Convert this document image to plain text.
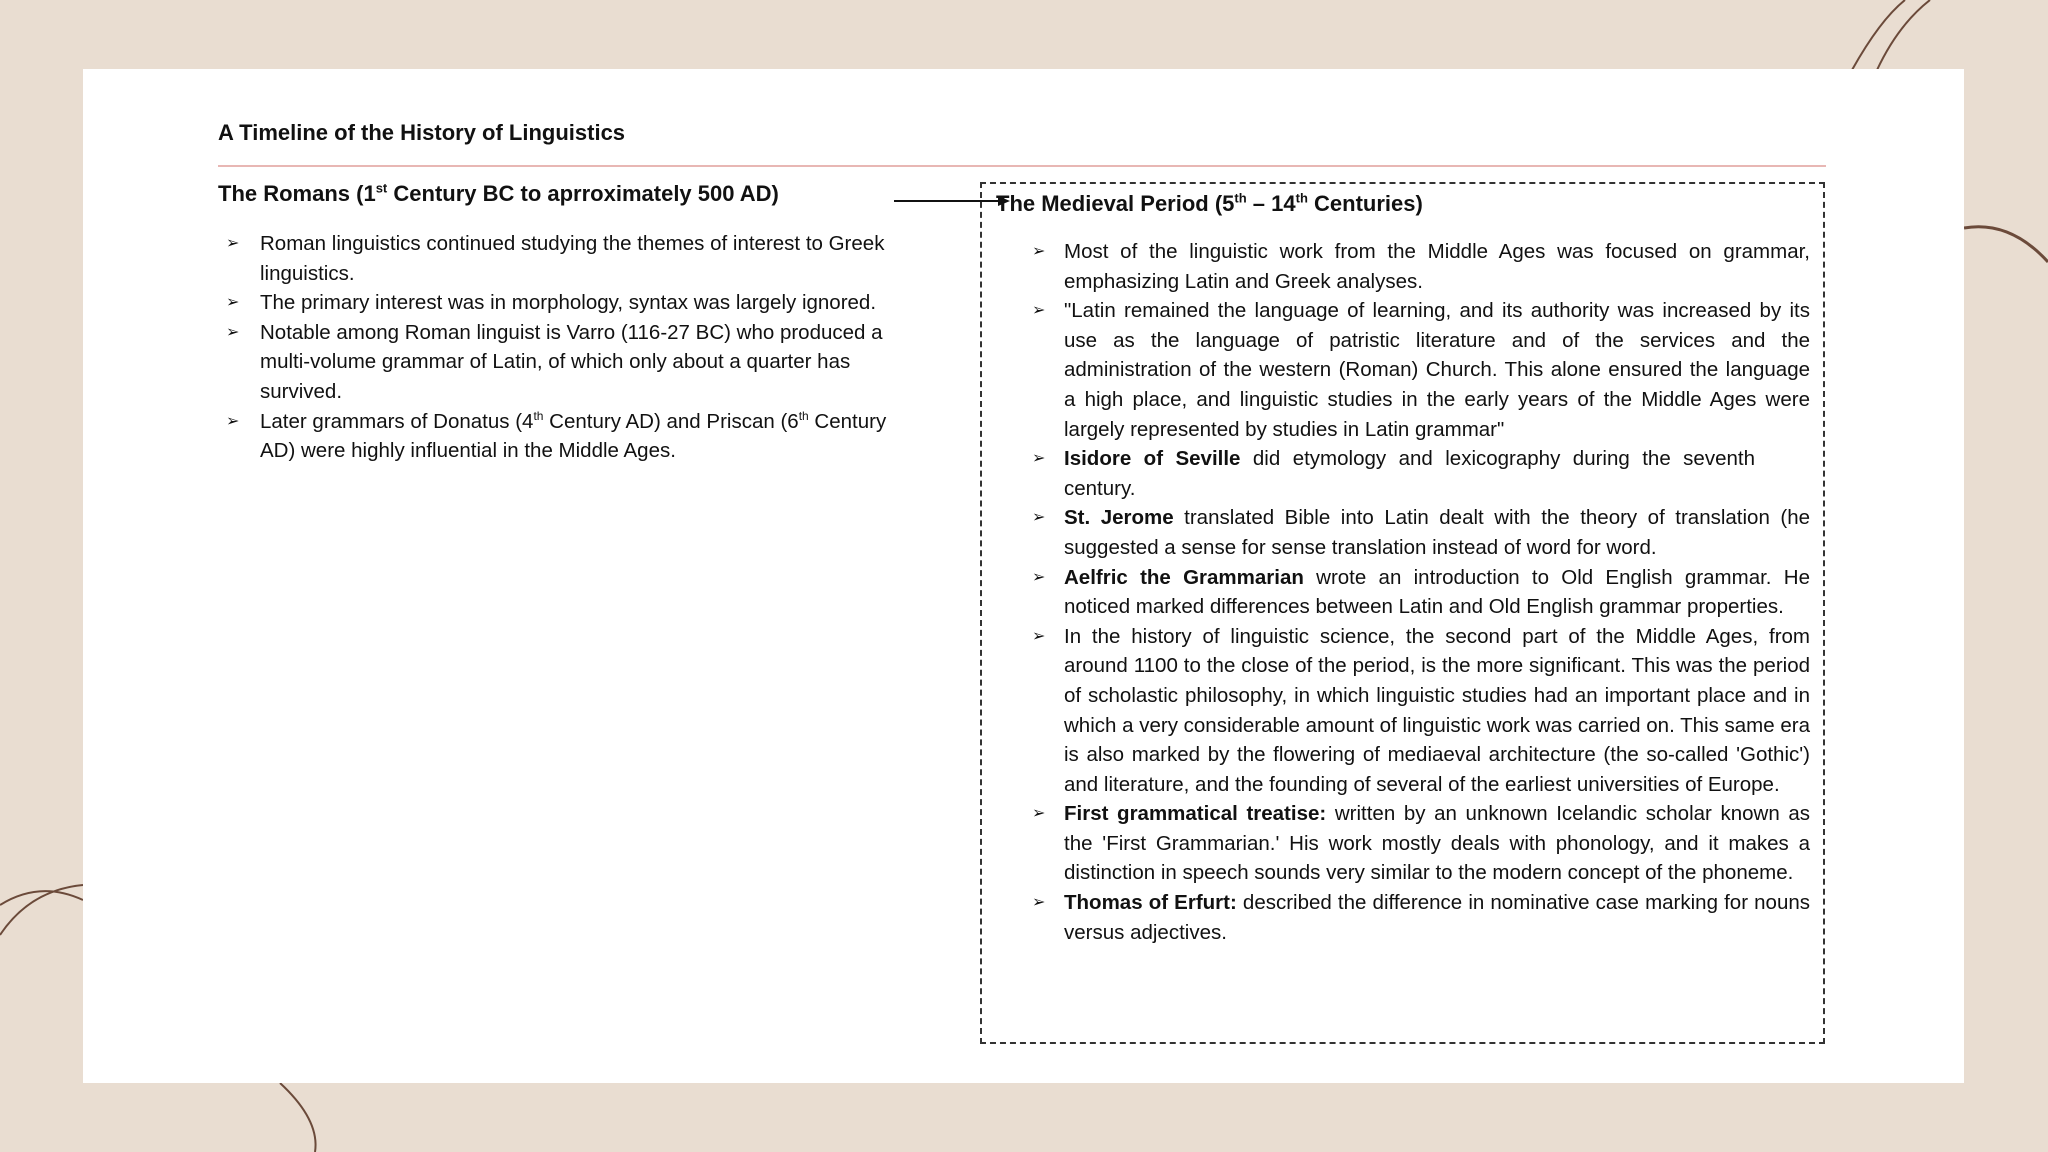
A Timeline of the History of Linguistics
The Romans (1st Century BC to aprroximately 500 AD)
➢ Roman linguistics continued studying the themes of interest to Greek linguistics.
➢ The primary interest was in morphology, syntax was largely ignored.
➢ Notable among Roman linguist is Varro (116-27 BC) who produced a multi-volume grammar of Latin, of which only about a quarter has survived.
➢ Later grammars of Donatus (4th Century AD) and Priscan (6th Century AD) were highly influential in the Middle Ages.
The Medieval Period (5th – 14th Centuries)
➢ Most of the linguistic work from the Middle Ages was focused on grammar, emphasizing Latin and Greek analyses.
➢ "Latin remained the language of learning, and its authority was increased by its use as the language of patristic literature and of the services and the administration of the western (Roman) Church. This alone ensured the language a high place, and linguistic studies in the early years of the Middle Ages were largely represented by studies in Latin grammar"
➢ Isidore of Seville did etymology and lexicography during the seventh century.
➢ St. Jerome translated Bible into Latin dealt with the theory of translation (he suggested a sense for sense translation instead of word for word.
➢ Aelfric the Grammarian wrote an introduction to Old English grammar. He noticed marked differences between Latin and Old English grammar properties.
➢ In the history of linguistic science, the second part of the Middle Ages, from around 1100 to the close of the period, is the more significant. This was the period of scholastic philosophy, in which linguistic studies had an important place and in which a very considerable amount of linguistic work was carried on. This same era is also marked by the flowering of mediaeval architecture (the so-called 'Gothic') and literature, and the founding of several of the earliest universities of Europe.
➢ First grammatical treatise: written by an unknown Icelandic scholar known as the 'First Grammarian.' His work mostly deals with phonology, and it makes a distinction in speech sounds very similar to the modern concept of the phoneme.
➢ Thomas of Erfurt: described the difference in nominative case marking for nouns versus adjectives.
